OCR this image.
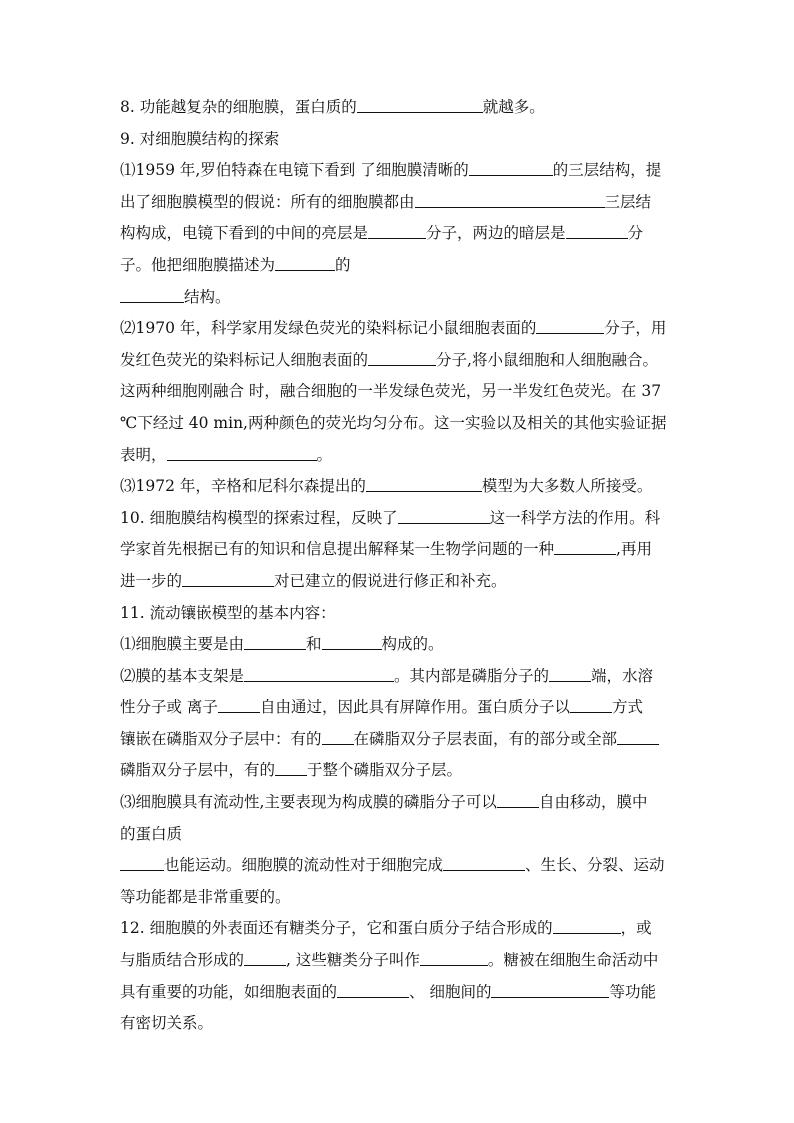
8. 功能越复杂的细胞膜，蛋白质的	就越多。
9. 对细胞膜结构的探索
⑴1959 年,罗伯特森在电镜下看到 了细胞膜清晰的	的三层结构，提
出了细胞膜模型的假说：所有的细胞膜都由	三层结
构构成，电镜下看到的中间的亮层是	分子，两边的暗层是	分
子。他把细胞膜描述为	的
结构。
⑵1970 年，科学家用发绿色荧光的染料标记小鼠细胞表面的	分子，用
发红色荧光的染料标记人细胞表面的	分子,将小鼠细胞和人细胞融合。
这两种细胞刚融合 时，融合细胞的一半发绿色荧光，另一半发红色荧光。在 37
℃下经过 40 min,两种颜色的荧光均匀分布。这一实验以及相关的其他实验证据
表明，	。
⑶1972 年，辛格和尼科尔森提出的	模型为大多数人所接受。
10. 细胞膜结构模型的探索过程，反映了	这一科学方法的作用。科
学家首先根据已有的知识和信息提出解释某一生物学问题的一种	,再用
进一步的	对已建立的假说进行修正和补充。
11. 流动镶嵌模型的基本内容：
⑴细胞膜主要是由	和	构成的。
⑵膜的基本支架是	。其内部是磷脂分子的	端，水溶
性分子或 离子	自由通过，因此具有屏障作用。蛋白质分子以	方式
镶嵌在磷脂双分子层中：有的 在磷脂双分子层表面，有的部分或全部
磷脂双分子层中，有的 于整个磷脂双分子层。
⑶细胞膜具有流动性,主要表现为构成膜的磷脂分子可以	自由移动，膜中
的蛋白质
也能运动。细胞膜的流动性对于细胞完成	、生长、分裂、运动
等功能都是非常重要的。
12. 细胞膜的外表面还有糖类分子，它和蛋白质分子结合形成的	，或
与脂质结合形成的	, 这些糖类分子叫作	。糖被在细胞生命活动中
具有重要的功能，如细胞表面的	、 细胞间的	等功能
有密切关系。
